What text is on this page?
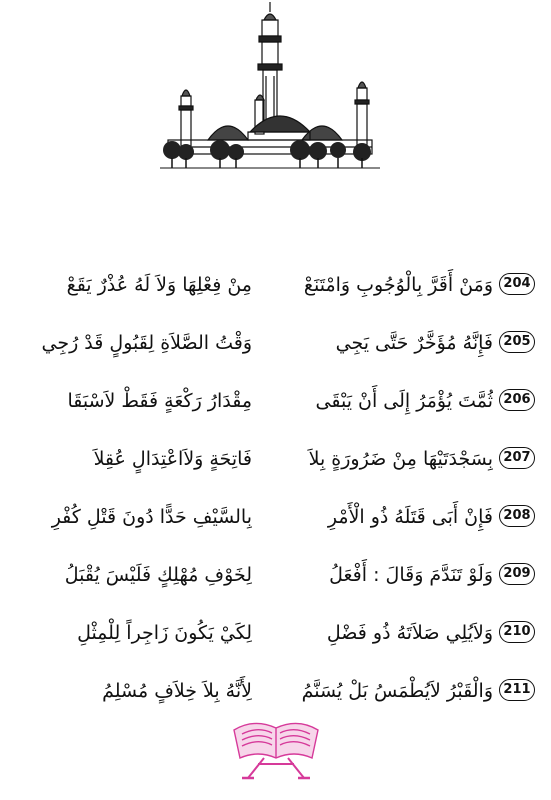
204
وَمَنْ أَقَرَّ بِالْوُجُوبِ وَامْتَنَعْ
مِنْ فِعْلِهَا وَلاَ لَهُ عُذْرٌ يَقَعْ
205
فَإِنَّهُ مُؤَخَّرٌ حَتَّى يَجِي
وَقْتُ الصَّلاَةِ لِقَبُولٍ قَدْ رُجِي
206
ثُمَّتَ يُؤْمَرُ إِلَى أَنْ يَبْقَى
مِقْدَارُ رَكْعَةٍ فَقَطْ لاَسْبَقَا
207
بِسَجْدَتَيْهَا مِنْ ضَرُورَةٍ بِلاَ
فَاتِحَةٍ وَلاَاعْتِدَالٍ عُقِلاَ
208
فَإِنْ أَبَى قَتَلَهُ ذُو الْأَمْرِ
بِالسَّيْفِ حَدًّا دُونَ قَتْلِ كُفْرِ
209
وَلَوْ تَنَدَّمَ وَقَالَ : أَفْعَلُ
لِخَوْفِ مُهْلِكٍ فَلَيْسَ يُقْبَلُ
210
وَلاَيُلِي صَلاَتَهُ ذُو فَضْلِ
لِكَيْ يَكُونَ زَاجِراً لِلْمِثْلِ
211
وَالْقَبْرُ لاَيُطْمَسُ بَلْ يُسَنَّمُ
لِأَنَّهُ بِلاَ خِلاَفٍ مُسْلِمُ
